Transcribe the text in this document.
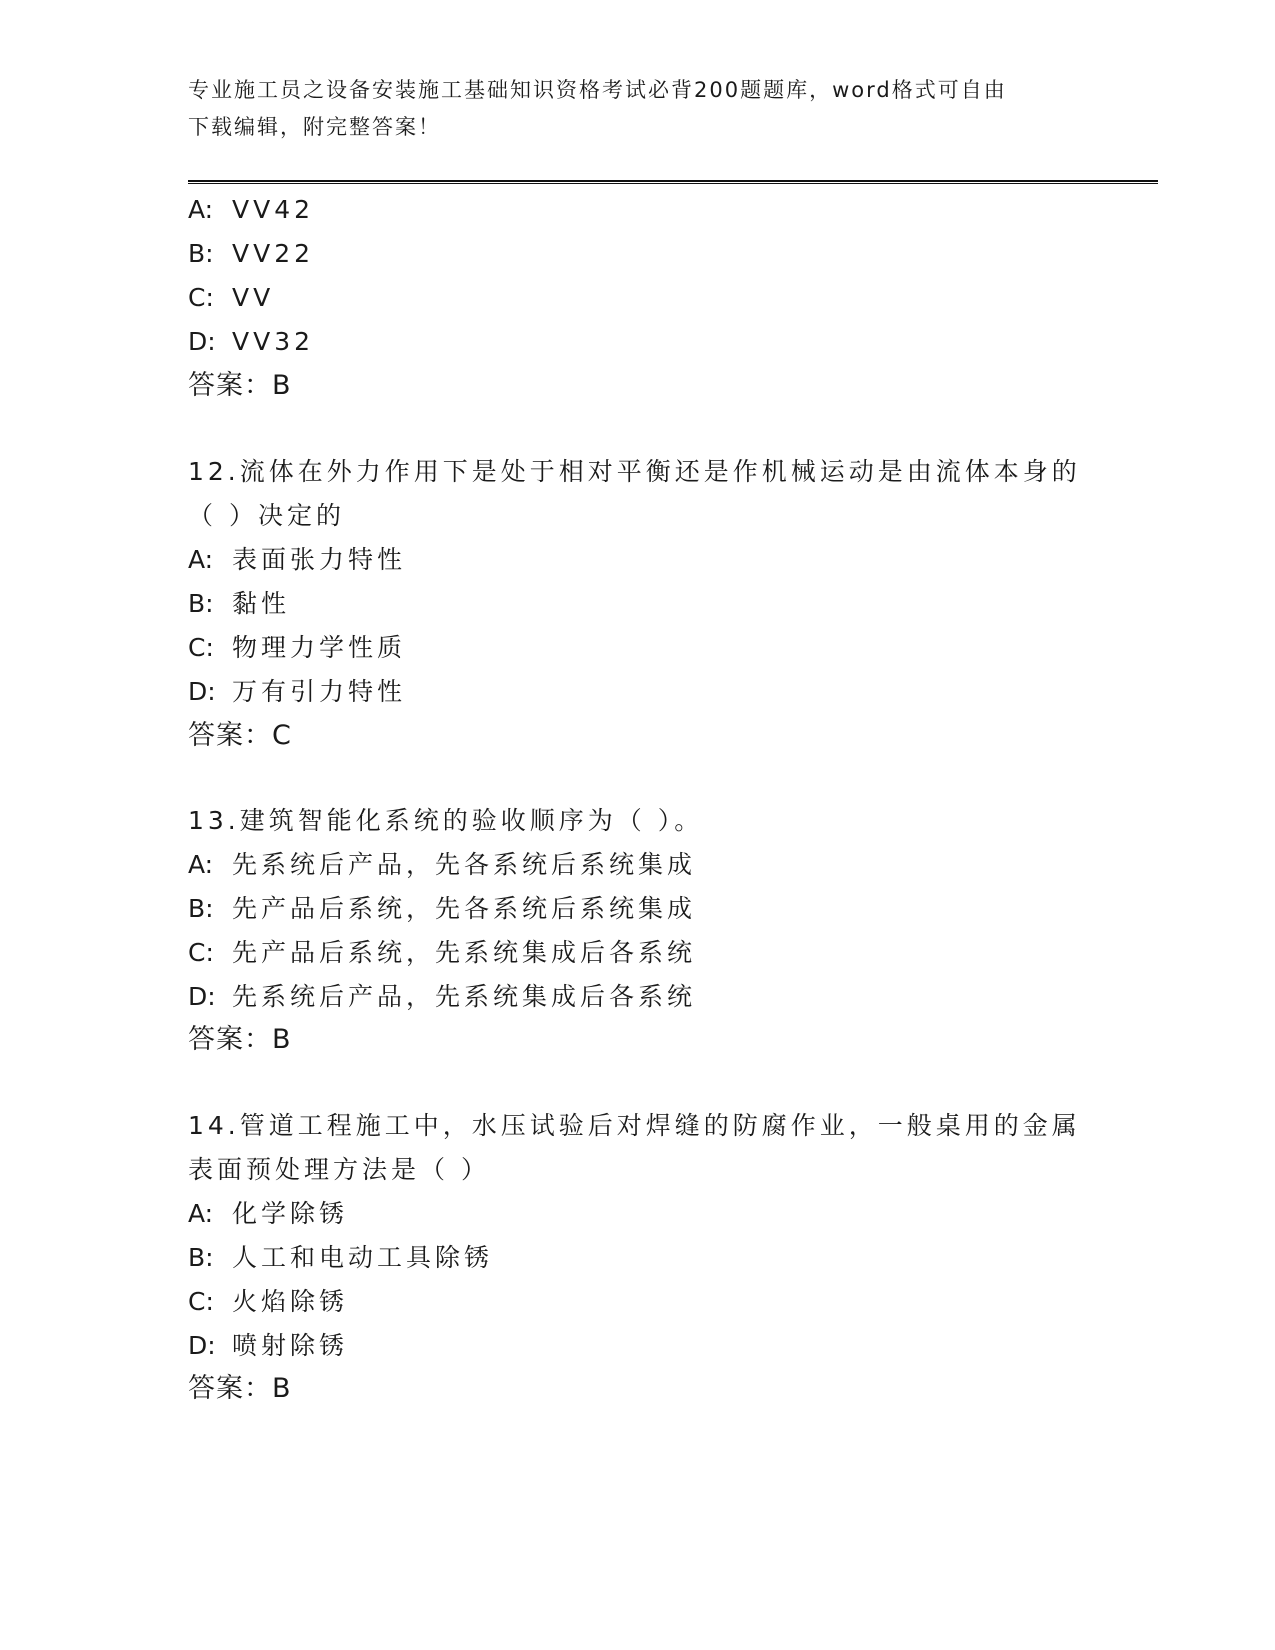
专业施工员之设备安装施工基础知识资格考试必背200题题库，word格式可自由
下载编辑，附完整答案！
A: VV42
B: VV22
C: VV
D: VV32
答案：B
12.流体在外力作用下是处于相对平衡还是作机械运动是由流体本身的
（ ）决定的
A: 表面张力特性
B: 黏性
C: 物理力学性质
D: 万有引力特性
答案：C
13.建筑智能化系统的验收顺序为（ ）。
A: 先系统后产品，先各系统后系统集成
B: 先产品后系统，先各系统后系统集成
C: 先产品后系统，先系统集成后各系统
D: 先系统后产品，先系统集成后各系统
答案：B
14.管道工程施工中，水压试验后对焊缝的防腐作业，一般桌用的金属
表面预处理方法是（ ）
A: 化学除锈
B: 人工和电动工具除锈
C: 火焰除锈
D: 喷射除锈
答案：B
